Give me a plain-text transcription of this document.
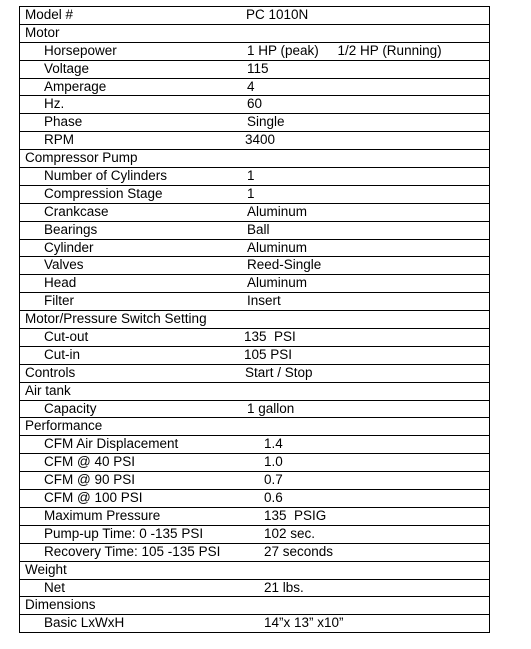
Model #	PC 1010N

Motor

Horsepower	1 HP (peak)     1/2 HP (Running)

Voltage	115

Amperage	4

Hz.	60

Phase	Single

RPM	3400

Compressor Pump

Number of Cylinders	1

Compression Stage	1

Crankcase	Aluminum

Bearings	Ball

Cylinder	Aluminum

Valves	Reed-Single

Head	Aluminum

Filter	Insert

Motor/Pressure Switch Setting

Cut-out	135  PSI

Cut-in	105 PSI

Controls	Start / Stop

Air tank

Capacity	1 gallon

Performance

CFM Air Displacement	1.4

CFM @ 40 PSI	1.0

CFM @ 90 PSI	0.7

CFM @ 100 PSI	0.6

Maximum Pressure	135  PSIG

Pump-up Time: 0 -135 PSI	102 sec.

Recovery Time: 105 -135 PSI	27 seconds

Weight

Net	21 lbs.

Dimensions

Basic LxWxH	14”x 13” x10”
